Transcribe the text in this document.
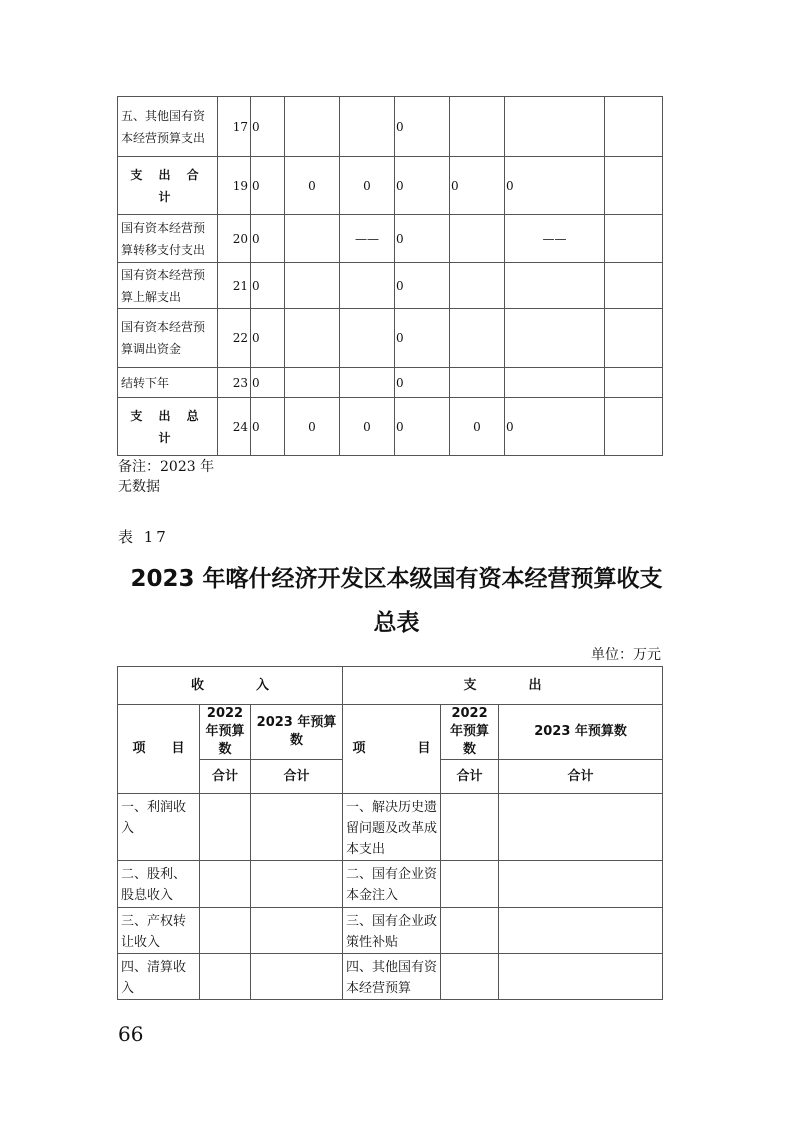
五、其他国有资本经营预算支出	17	0			0			
支 出 合 计	19	0	0	0	0	0	0	
国有资本经营预算转移支付支出	20	0		——	0		——	
国有资本经营预算上解支出	21	0			0			
国有资本经营预算调出资金	22	0			0			
结转下年	23	0			0			
支 出 总 计	24	0	0	0	0	0	0	
备注：2023 年
无数据
表 17
2023 年喀什经济开发区本级国有资本经营预算收支
总表
单位：万元
收　　　　入			支　　　　出		
项　　目	2022 年预算数	2023 年预算数	项　　　　目	2022 年预算数	2023 年预算数
	合计	合计		合计	合计
一、利润收入			一、解决历史遗留问题及改革成本支出		
二、股利、股息收入			二、国有企业资本金注入		
三、产权转让收入			三、国有企业政策性补贴		
四、清算收入			四、其他国有资本经营预算		
66
